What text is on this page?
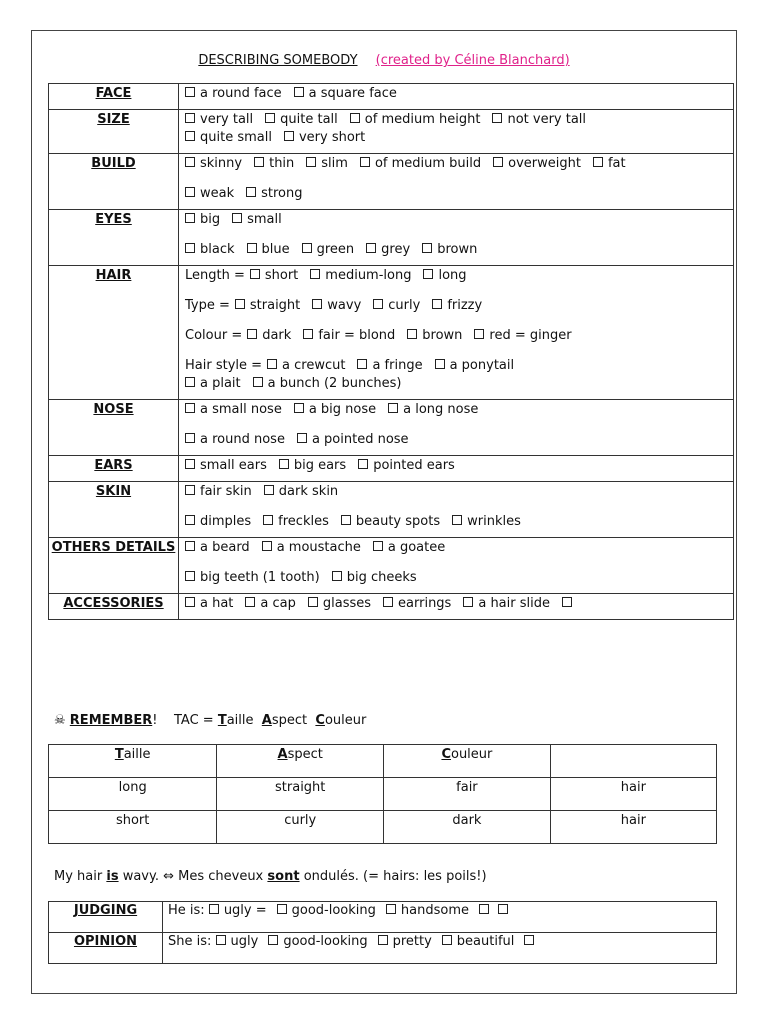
DESCRIBING SOMEBODY (created by Céline Blanchard)
FACE	a round face a square face

SIZE	very tall quite tall of medium height not very tall
quite small very short

BUILD	skinny thin slim of medium build overweight fat
weak strong

EYES	big small
black blue green grey brown

HAIR	Length = short medium-long long
Type = straight wavy curly frizzy
Colour = dark fair = blond brown red = ginger
Hair style = a crewcut a fringe a ponytail
a plait a bunch (2 bunches)

NOSE	a small nose a big nose a long nose
a round nose a pointed nose

EARS	small ears big ears pointed ears

SKIN	fair skin dark skin
dimples freckles beauty spots wrinkles

OTHERS DETAILS	a beard a moustache a goatee
big teeth (1 tooth) big cheeks

ACCESSORIES	a hat a cap glasses earrings a hair slide
☠ REMEMBER! TAC = Taille Aspect Couleur
Taille	Aspect	Couleur	
long	straight	fair	hair
short	curly	dark	hair
My hair is wavy. ⇔ Mes cheveux sont ondulés. (= hairs: les poils!)
JUDGING	He is: ugly = good-looking handsome
OPINION	She is: ugly good-looking pretty beautiful
